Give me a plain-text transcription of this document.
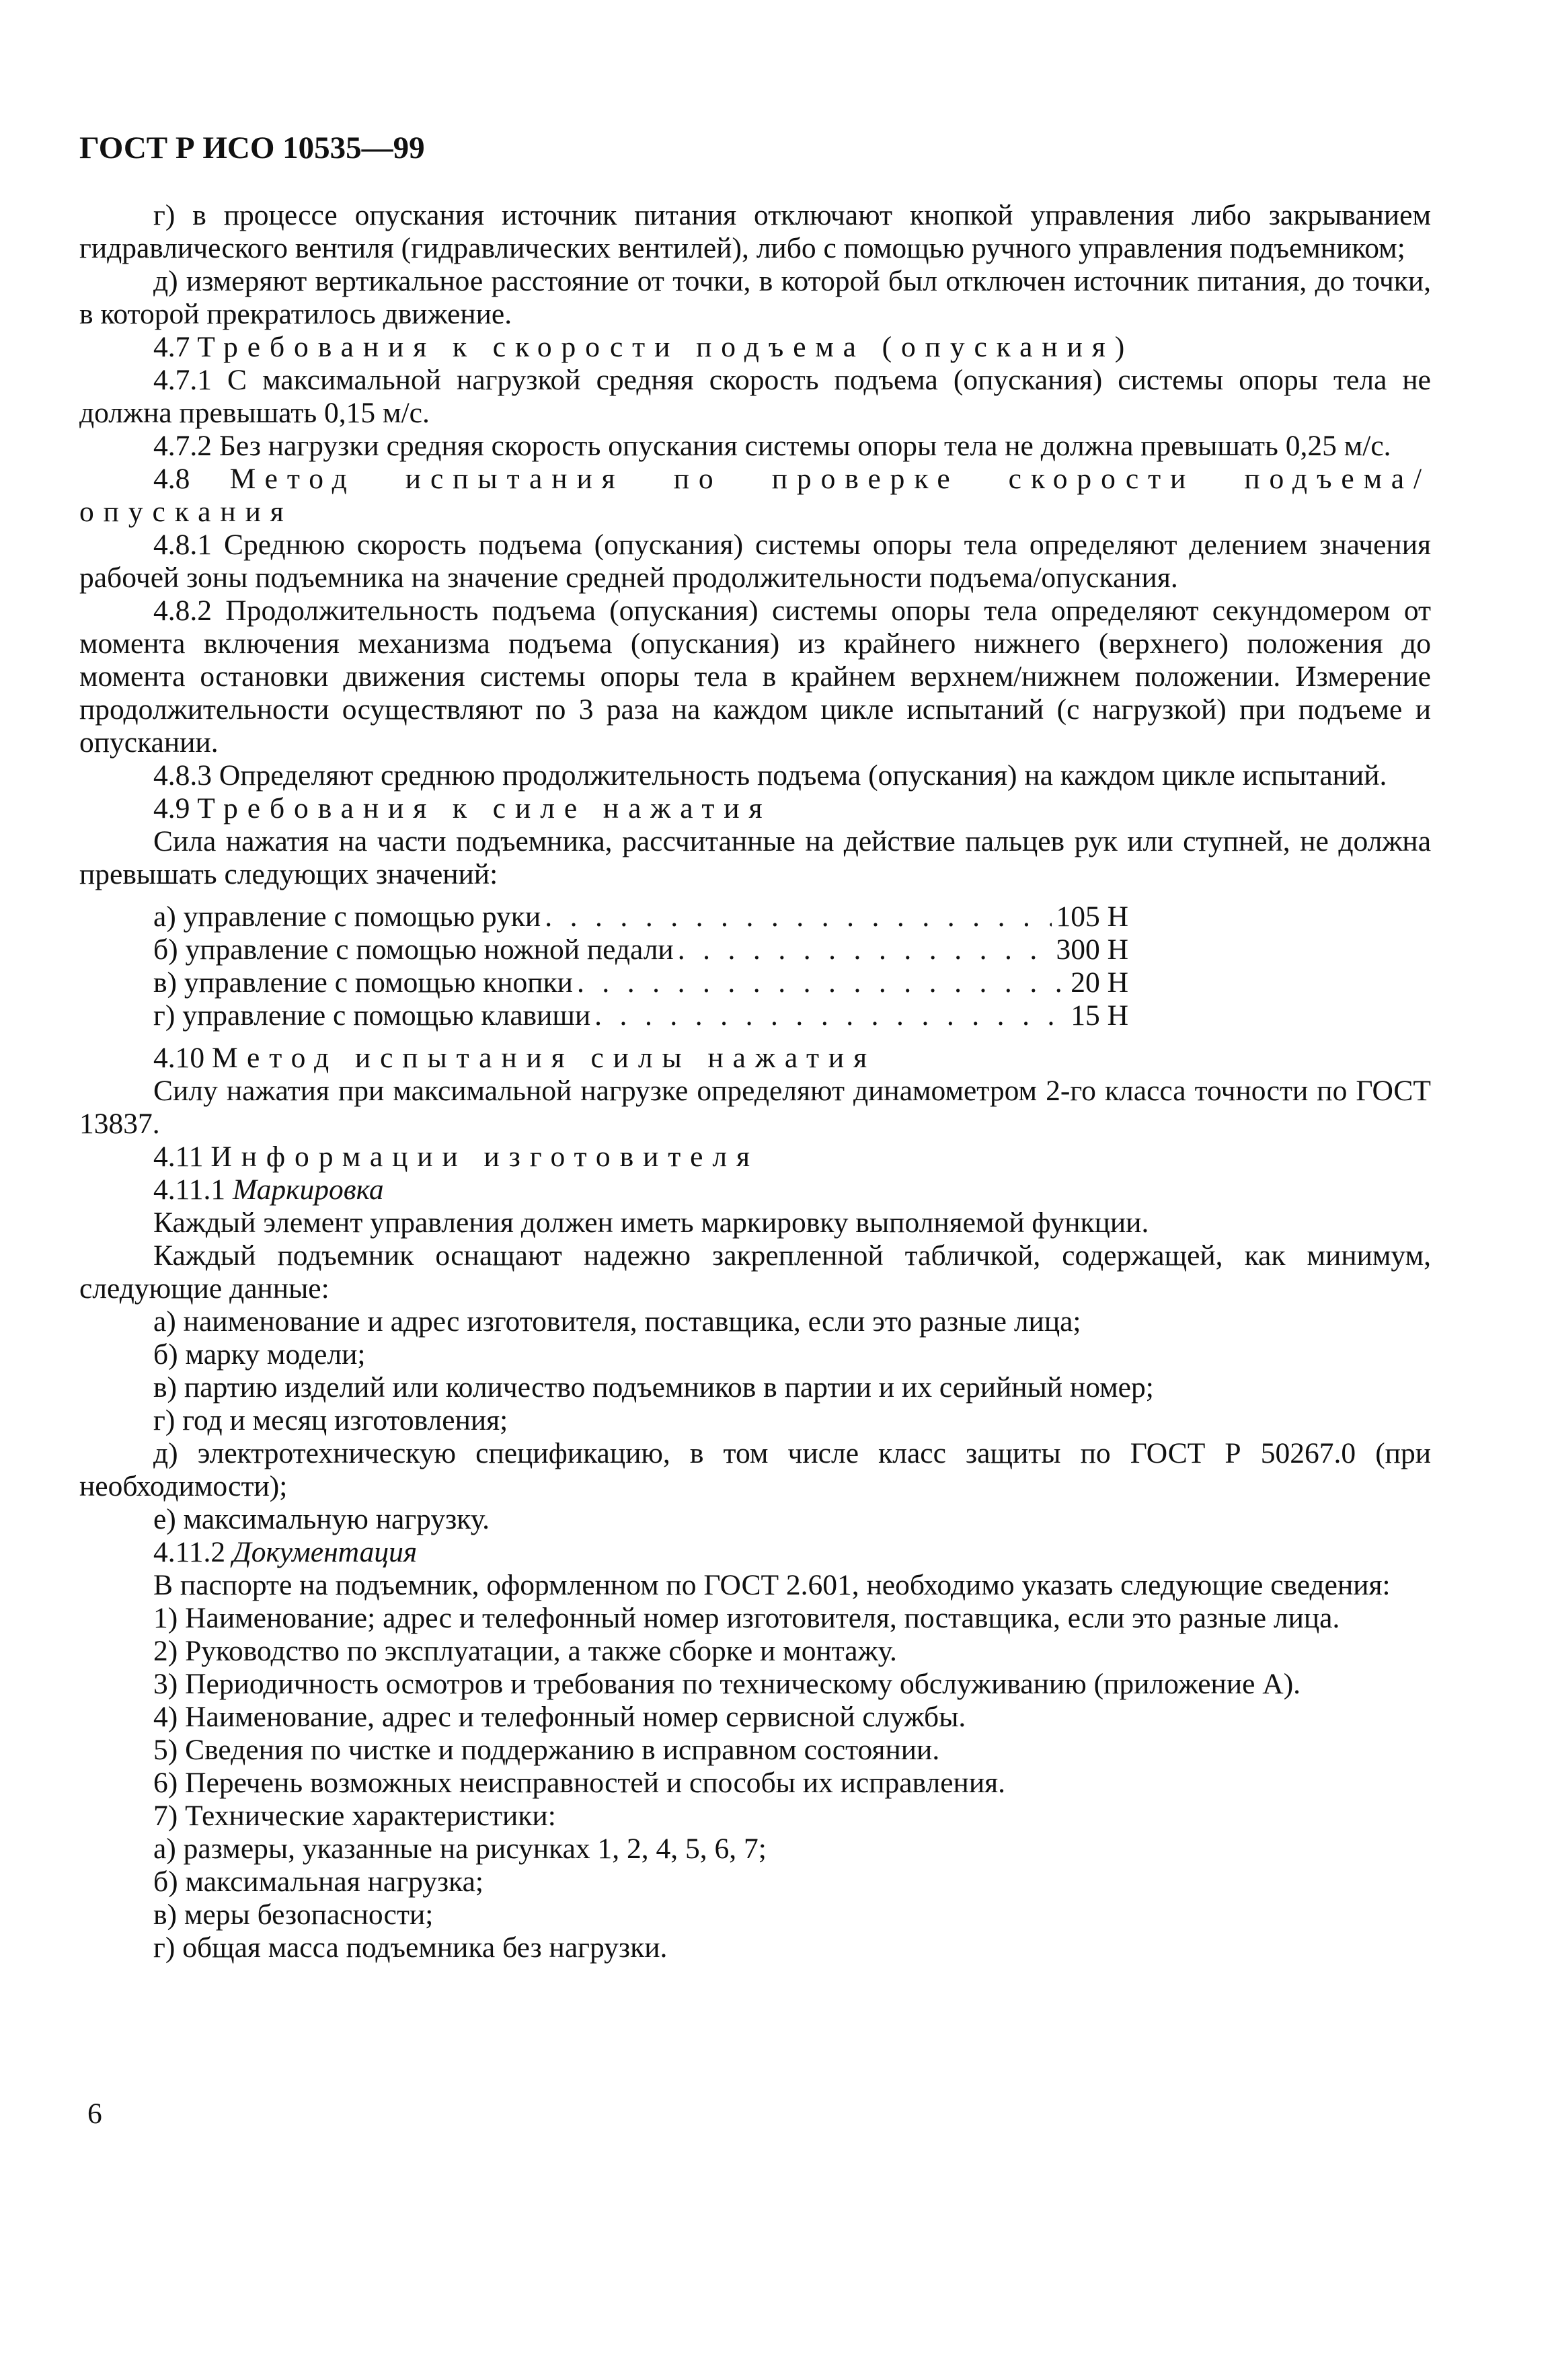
ГОСТ Р ИСО 10535—99

г) в процессе опускания источник питания отключают кнопкой управления либо закрыванием гидравлического вентиля (гидравлических вентилей), либо с помощью ручного управления подъемником;

д) измеряют вертикальное расстояние от точки, в которой был отключен источник питания, до точки, в которой прекратилось движение.

4.7 Требования к скорости подъема (опускания)

4.7.1 С максимальной нагрузкой средняя скорость подъема (опускания) системы опоры тела не должна превышать 0,15 м/с.

4.7.2 Без нагрузки средняя скорость опускания системы опоры тела не должна превышать 0,25 м/с.

4.8 Метод испытания по проверке скорости подъема/опускания

4.8.1 Среднюю скорость подъема (опускания) системы опоры тела определяют делением значения рабочей зоны подъемника на значение средней продолжительности подъема/опускания.

4.8.2 Продолжительность подъема (опускания) системы опоры тела определяют секундомером от момента включения механизма подъема (опускания) из крайнего нижнего (верхнего) положения до момента остановки движения системы опоры тела в крайнем верхнем/нижнем положении. Измерение продолжительности осуществляют по 3 раза на каждом цикле испытаний (с нагрузкой) при подъеме и опускании.

4.8.3 Определяют среднюю продолжительность подъема (опускания) на каждом цикле испытаний.

4.9 Требования к силе нажатия

Сила нажатия на части подъемника, рассчитанные на действие пальцев рук или ступней, не должна превышать следующих значений:

а) управление с помощью руки . . .	105 Н
б) управление с помощью ножной педали . . .	300 Н
в) управление с помощью кнопки . . .	20 Н
г) управление с помощью клавиши . . .	15 Н

4.10 Метод испытания силы нажатия

Силу нажатия при максимальной нагрузке определяют динамометром 2-го класса точности по ГОСТ 13837.

4.11 Информации изготовителя

4.11.1 Маркировка

Каждый элемент управления должен иметь маркировку выполняемой функции.

Каждый подъемник оснащают надежно закрепленной табличкой, содержащей, как минимум, следующие данные:

а) наименование и адрес изготовителя, поставщика, если это разные лица;

б) марку модели;

в) партию изделий или количество подъемников в партии и их серийный номер;

г) год и месяц изготовления;

д) электротехническую спецификацию, в том числе класс защиты по ГОСТ Р 50267.0 (при необходимости);

е) максимальную нагрузку.

4.11.2 Документация

В паспорте на подъемник, оформленном по ГОСТ 2.601, необходимо указать следующие сведения:

1) Наименование; адрес и телефонный номер изготовителя, поставщика, если это разные лица.

2) Руководство по эксплуатации, а также сборке и монтажу.

3) Периодичность осмотров и требования по техническому обслуживанию (приложение А).

4) Наименование, адрес и телефонный номер сервисной службы.

5) Сведения по чистке и поддержанию в исправном состоянии.

6) Перечень возможных неисправностей и способы их исправления.

7) Технические характеристики:

а) размеры, указанные на рисунках 1, 2, 4, 5, 6, 7;

б) максимальная нагрузка;

в) меры безопасности;

г) общая масса подъемника без нагрузки.

6
